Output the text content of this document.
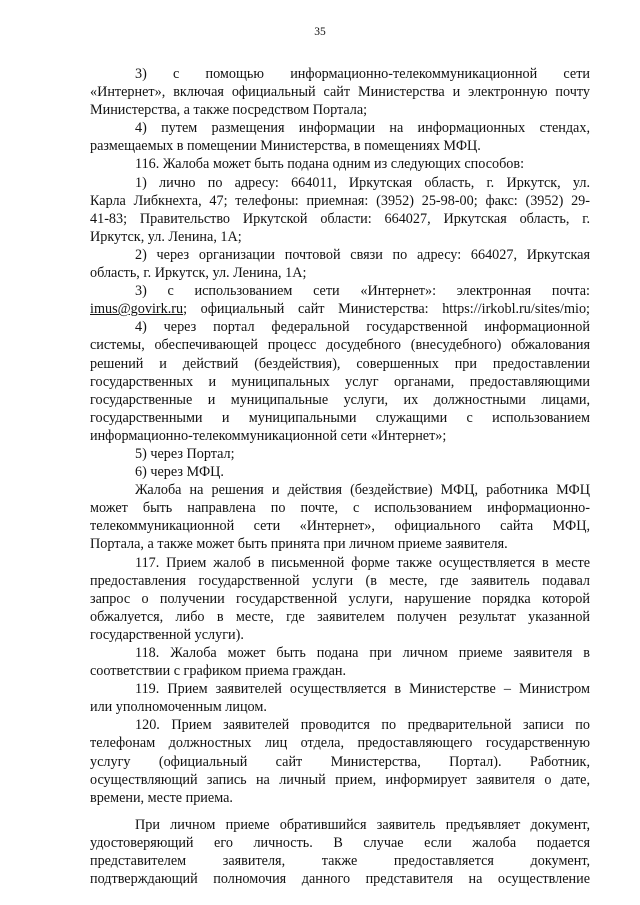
35

3) с помощью информационно-телекоммуникационной сети

«Интернет», включая официальный сайт Министерства и электронную почту

Министерства, а также посредством Портала;

4) путем размещения информации на информационных стендах,

размещаемых в помещении Министерства, в помещениях МФЦ.

116. Жалоба может быть подана одним из следующих способов:

1) лично по адресу: 664011, Иркутская область, г. Иркутск, ул.

Карла Либкнехта, 47; телефоны: приемная: (3952) 25-98-00; факс: (3952) 29-

41-83; Правительство Иркутской области: 664027, Иркутская область, г.

Иркутск, ул. Ленина, 1А;

2) через организации почтовой связи по адресу: 664027, Иркутская

область, г. Иркутск, ул. Ленина, 1А;

3) с использованием сети «Интернет»: электронная почта:

imus@govirk.ru; официальный сайт Министерства: https://irkobl.ru/sites/mio;

4) через портал федеральной государственной информационной

системы, обеспечивающей процесс досудебного (внесудебного) обжалования

решений и действий (бездействия), совершенных при предоставлении

государственных и муниципальных услуг органами, предоставляющими

государственные и муниципальные услуги, их должностными лицами,

государственными и муниципальными служащими с использованием

информационно-телекоммуникационной сети «Интернет»;

5) через Портал;

6) через МФЦ.

Жалоба на решения и действия (бездействие) МФЦ, работника МФЦ

может быть направлена по почте, с использованием информационно-

телекоммуникационной сети «Интернет», официального сайта МФЦ,

Портала, а также может быть принята при личном приеме заявителя.

117. Прием жалоб в письменной форме также осуществляется в месте

предоставления государственной услуги (в месте, где заявитель подавал

запрос о получении государственной услуги, нарушение порядка которой

обжалуется, либо в месте, где заявителем получен результат указанной

государственной услуги).

118. Жалоба может быть подана при личном приеме заявителя в

соответствии с графиком приема граждан.

119. Прием заявителей осуществляется в Министерстве – Министром

или уполномоченным лицом.

120. Прием заявителей проводится по предварительной записи по

телефонам должностных лиц отдела, предоставляющего государственную

услугу (официальный сайт Министерства, Портал). Работник,

осуществляющий запись на личный прием, информирует заявителя о дате,

времени, месте приема.

При личном приеме обратившийся заявитель предъявляет документ,

удостоверяющий его личность. В случае если жалоба подается

представителем заявителя, также предоставляется документ,

подтверждающий полномочия данного представителя на осуществление
